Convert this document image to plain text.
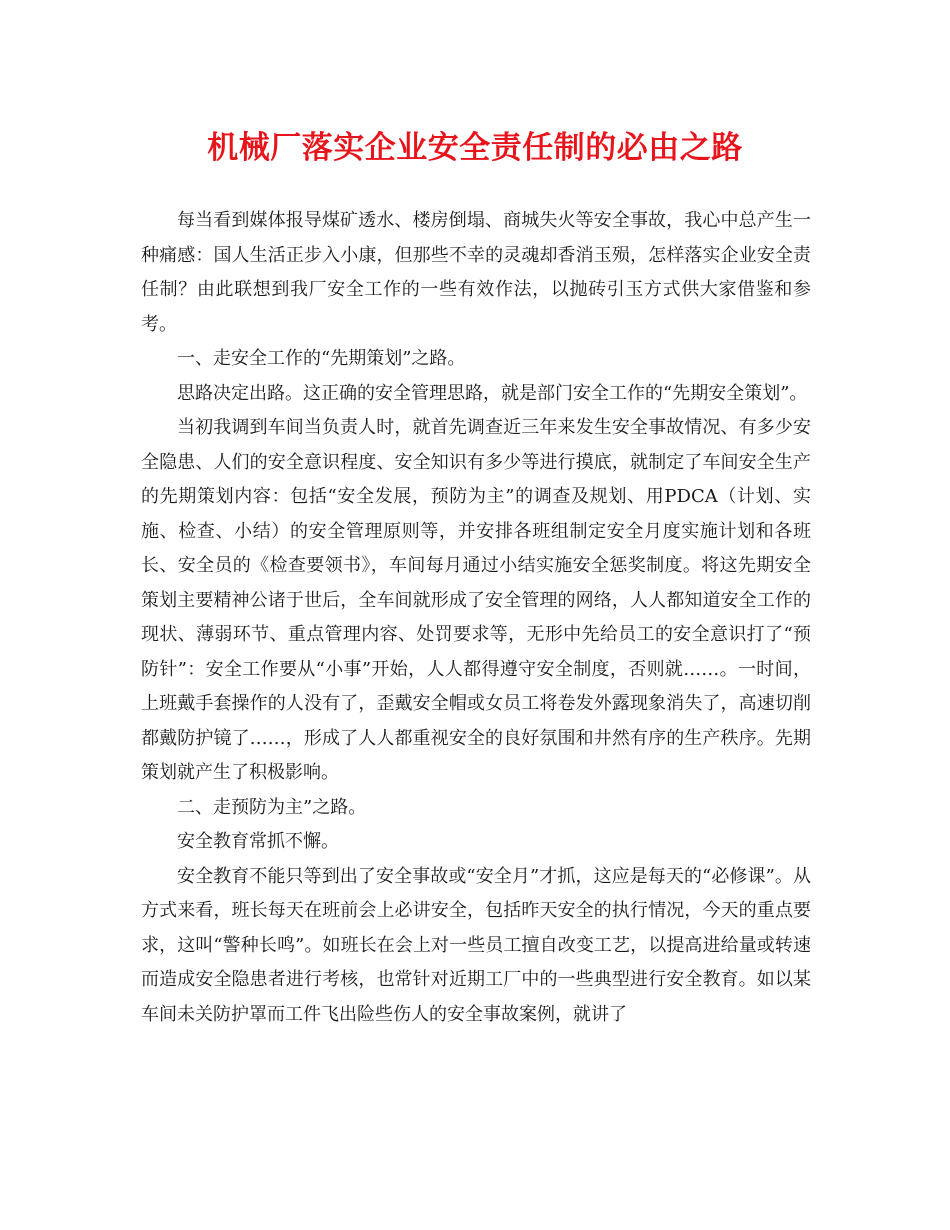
机械厂落实企业安全责任制的必由之路

每当看到媒体报导煤矿透水、楼房倒塌、商城失火等安全事故，我心中总产生一种痛感：国人生活正步入小康，但那些不幸的灵魂却香消玉殒，怎样落实企业安全责任制？由此联想到我厂安全工作的一些有效作法，以抛砖引玉方式供大家借鉴和参考。

一、走安全工作的“先期策划”之路。

思路决定出路。这正确的安全管理思路，就是部门安全工作的“先期安全策划”。

当初我调到车间当负责人时，就首先调查近三年来发生安全事故情况、有多少安全隐患、人们的安全意识程度、安全知识有多少等进行摸底，就制定了车间安全生产的先期策划内容：包括“安全发展，预防为主”的调查及规划、用PDCA（计划、实施、检查、小结）的安全管理原则等，并安排各班组制定安全月度实施计划和各班长、安全员的《检查要领书》，车间每月通过小结实施安全惩奖制度。将这先期安全策划主要精神公诸于世后，全车间就形成了安全管理的网络，人人都知道安全工作的现状、薄弱环节、重点管理内容、处罚要求等，无形中先给员工的安全意识打了“预防针”：安全工作要从“小事”开始，人人都得遵守安全制度，否则就……。一时间，上班戴手套操作的人没有了，歪戴安全帽或女员工将卷发外露现象消失了，高速切削都戴防护镜了……，形成了人人都重视安全的良好氛围和井然有序的生产秩序。先期策划就产生了积极影响。

二、走预防为主”之路。

安全教育常抓不懈。

安全教育不能只等到出了安全事故或“安全月”才抓，这应是每天的“必修课”。从方式来看，班长每天在班前会上必讲安全，包括昨天安全的执行情况，今天的重点要求，这叫“警种长鸣”。如班长在会上对一些员工擅自改变工艺，以提高进给量或转速而造成安全隐患者进行考核，也常针对近期工厂中的一些典型进行安全教育。如以某车间未关防护罩而工件飞出险些伤人的安全事故案例，就讲了
